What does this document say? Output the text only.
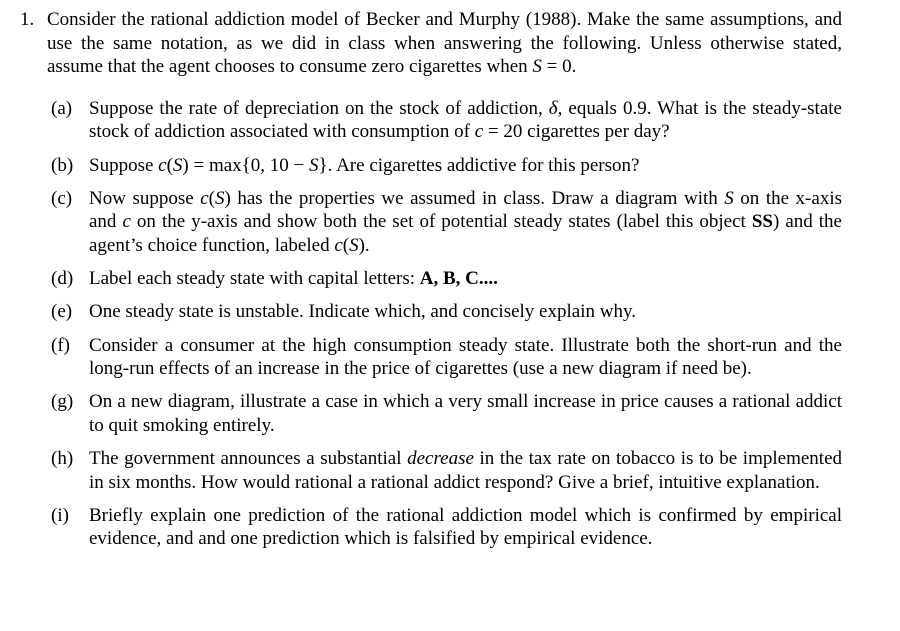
1. Consider the rational addiction model of Becker and Murphy (1988). Make the same assumptions, and use the same notation, as we did in class when answering the following. Unless otherwise stated, assume that the agent chooses to consume zero cigarettes when S = 0.
(a) Suppose the rate of depreciation on the stock of addiction, δ, equals 0.9. What is the steady-state stock of addiction associated with consumption of c = 20 cigarettes per day?
(b) Suppose c(S) = max{0, 10 − S}. Are cigarettes addictive for this person?
(c) Now suppose c(S) has the properties we assumed in class. Draw a diagram with S on the x-axis and c on the y-axis and show both the set of potential steady states (label this object SS) and the agent’s choice function, labeled c(S).
(d) Label each steady state with capital letters: A, B, C....
(e) One steady state is unstable. Indicate which, and concisely explain why.
(f) Consider a consumer at the high consumption steady state. Illustrate both the short-run and the long-run effects of an increase in the price of cigarettes (use a new diagram if need be).
(g) On a new diagram, illustrate a case in which a very small increase in price causes a rational addict to quit smoking entirely.
(h) The government announces a substantial decrease in the tax rate on tobacco is to be implemented in six months. How would rational a rational addict respond? Give a brief, intuitive explanation.
(i) Briefly explain one prediction of the rational addiction model which is confirmed by empirical evidence, and and one prediction which is falsified by empirical evidence.
